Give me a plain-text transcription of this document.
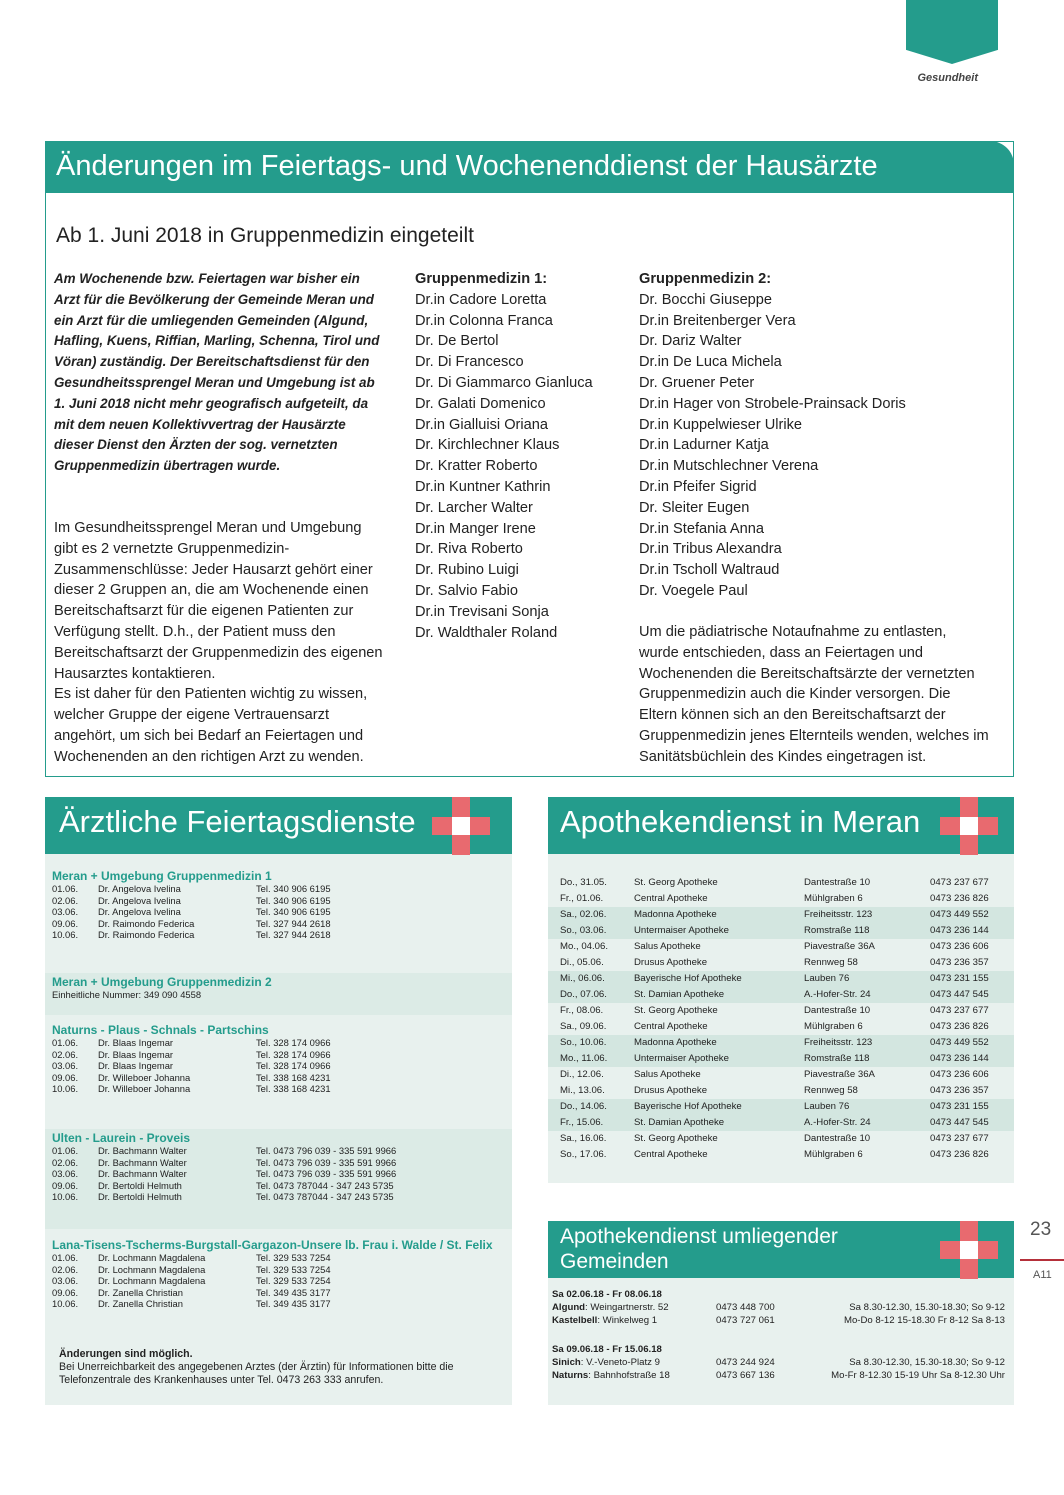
Gesundheit
Änderungen im Feiertags- und Wochenenddienst der Hausärzte
Ab 1. Juni 2018 in Gruppenmedizin eingeteilt
Am Wochenende bzw. Feiertagen war bisher ein Arzt für die Bevölkerung der Gemeinde Meran und ein Arzt für die umliegenden Gemeinden (Algund, Hafling, Kuens, Riffian, Marling, Schenna, Tirol und Vöran) zuständig. Der Bereitschaftsdienst für den Gesundheitssprengel Meran und Umgebung ist ab 1. Juni 2018 nicht mehr geografisch aufgeteilt, da mit dem neuen Kollektivvertrag der Hausärzte dieser Dienst den Ärzten der sog. vernetzten Gruppenmedizin übertragen wurde.
Im Gesundheitssprengel Meran und Umgebung gibt es 2 vernetzte Gruppenmedizin-Zusammenschlüsse: Jeder Hausarzt gehört einer dieser 2 Gruppen an, die am Wochenende einen Bereitschaftsarzt für die eigenen Patienten zur Verfügung stellt. D.h., der Patient muss den Bereitschaftsarzt der Gruppenmedizin des eigenen Hausarztes kontaktieren.
Es ist daher für den Patienten wichtig zu wissen, welcher Gruppe der eigene Vertrauensarzt angehört, um sich bei Bedarf an Feiertagen und Wochenenden an den richtigen Arzt zu wenden.
Gruppenmedizin 1:
Dr.in Cadore Loretta
Dr.in Colonna Franca
Dr. De Bertol
Dr. Di Francesco
Dr. Di Giammarco Gianluca
Dr. Galati Domenico
Dr.in Gialluisi Oriana
Dr. Kirchlechner Klaus
Dr. Kratter Roberto
Dr.in Kuntner Kathrin
Dr. Larcher Walter
Dr.in Manger Irene
Dr. Riva Roberto
Dr. Rubino Luigi
Dr. Salvio Fabio
Dr.in Trevisani Sonja
Dr. Waldthaler Roland
Gruppenmedizin 2:
Dr. Bocchi Giuseppe
Dr.in Breitenberger Vera
Dr. Dariz Walter
Dr.in De Luca Michela
Dr. Gruener Peter
Dr.in Hager von Strobele-Prainsack Doris
Dr.in Kuppelwieser Ulrike
Dr.in Ladurner Katja
Dr.in Mutschlechner Verena
Dr.in Pfeifer Sigrid
Dr. Sleiter Eugen
Dr.in Stefania Anna
Dr.in Tribus Alexandra
Dr.in Tscholl Waltraud
Dr. Voegele Paul
Um die pädiatrische Notaufnahme zu entlasten, wurde entschieden, dass an Feiertagen und Wochenenden die Bereitschaftsärzte der vernetzten Gruppenmedizin auch die Kinder versorgen. Die Eltern können sich an den Bereitschaftsarzt der Gruppenmedizin jenes Elternteils wenden, welches im Sanitätsbüchlein des Kindes eingetragen ist.
Ärztliche Feiertagsdienste
Meran + Umgebung Gruppenmedizin 1
01.06. Dr. Angelova Ivelina	Tel. 340 906 6195
02.06. Dr. Angelova Ivelina	Tel. 340 906 6195
03.06. Dr. Angelova Ivelina	Tel. 340 906 6195
09.06. Dr. Raimondo Federica	Tel. 327 944 2618
10.06. Dr. Raimondo Federica	Tel. 327 944 2618
Meran + Umgebung Gruppenmedizin 2
Einheitliche Nummer: 349 090 4558
Naturns - Plaus - Schnals - Partschins
01.06. Dr. Blaas Ingemar	Tel. 328 174 0966
02.06. Dr. Blaas Ingemar	Tel. 328 174 0966
03.06. Dr. Blaas Ingemar	Tel. 328 174 0966
09.06. Dr. Willeboer Johanna	Tel. 338 168 4231
10.06. Dr. Willeboer Johanna	Tel. 338 168 4231
Ulten - Laurein - Proveis
01.06. Dr. Bachmann Walter	Tel. 0473 796 039 - 335 591 9966
02.06. Dr. Bachmann Walter	Tel. 0473 796 039 - 335 591 9966
03.06. Dr. Bachmann Walter	Tel. 0473 796 039 - 335 591 9966
09.06. Dr. Bertoldi Helmuth	Tel. 0473 787044 - 347 243 5735
10.06. Dr. Bertoldi Helmuth	Tel. 0473 787044 - 347 243 5735
Lana-Tisens-Tscherms-Burgstall-Gargazon-Unsere lb. Frau i. Walde / St. Felix
01.06. Dr. Lochmann Magdalena	Tel. 329 533 7254
02.06. Dr. Lochmann Magdalena	Tel. 329 533 7254
03.06. Dr. Lochmann Magdalena	Tel. 329 533 7254
09.06. Dr. Zanella Christian	Tel. 349 435 3177
10.06. Dr. Zanella Christian	Tel. 349 435 3177
Änderungen sind möglich.
Bei Unerreichbarkeit des angegebenen Arztes (der Ärztin) für Informationen bitte die Telefonzentrale des Krankenhauses unter Tel. 0473 263 333 anrufen.
Apothekendienst in Meran
Do., 31.05.	St. Georg Apotheke	Dantestraße 10	0473 237 677
Fr., 01.06.	Central Apotheke	Mühlgraben 6	0473 236 826
Sa., 02.06.	Madonna Apotheke	Freiheitsstr. 123	0473 449 552
So., 03.06.	Untermaiser Apotheke	Romstraße 118	0473 236 144
Mo., 04.06.	Salus Apotheke	Piavestraße 36A	0473 236 606
Di., 05.06.	Drusus Apotheke	Rennweg 58	0473 236 357
Mi., 06.06.	Bayerische Hof Apotheke	Lauben 76	0473 231 155
Do., 07.06.	St. Damian Apotheke	A.-Hofer-Str. 24	0473 447 545
Fr., 08.06.	St. Georg Apotheke	Dantestraße 10	0473 237 677
Sa., 09.06.	Central Apotheke	Mühlgraben 6	0473 236 826
So., 10.06.	Madonna Apotheke	Freiheitsstr. 123	0473 449 552
Mo., 11.06.	Untermaiser Apotheke	Romstraße 118	0473 236 144
Di., 12.06.	Salus Apotheke	Piavestraße 36A	0473 236 606
Mi., 13.06.	Drusus Apotheke	Rennweg 58	0473 236 357
Do., 14.06.	Bayerische Hof Apotheke	Lauben 76	0473 231 155
Fr., 15.06.	St. Damian Apotheke	A.-Hofer-Str. 24	0473 447 545
Sa., 16.06.	St. Georg Apotheke	Dantestraße 10	0473 237 677
So., 17.06.	Central Apotheke	Mühlgraben 6	0473 236 826
Apothekendienst umliegender Gemeinden
Sa 02.06.18 - Fr 08.06.18
Algund: Weingartnerstr. 52	0473 448 700	Sa 8.30-12.30, 15.30-18.30; So 9-12
Kastelbell: Winkelweg 1	0473 727 061	Mo-Do 8-12 15-18.30 Fr 8-12 Sa 8-13
Sa 09.06.18 - Fr 15.06.18
Sinich: V.-Veneto-Platz 9	0473 244 924	Sa 8.30-12.30, 15.30-18.30; So 9-12
Naturns: Bahnhofstraße 18	0473 667 136	Mo-Fr 8-12.30 15-19 Uhr Sa 8-12.30 Uhr
23
A11
